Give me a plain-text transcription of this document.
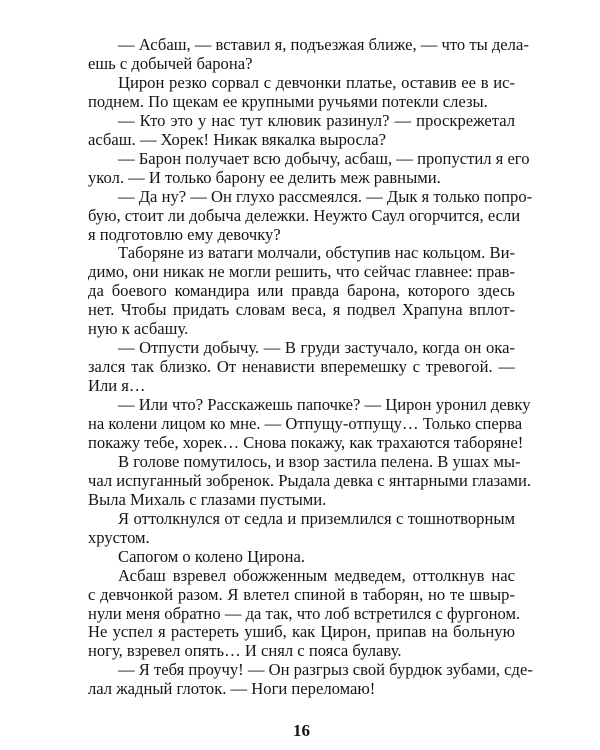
— Асбаш, — вставил я, подъезжая ближе, — что ты дела-
ешь с добычей барона?
Цирон резко сорвал с девчонки платье, оставив ее в ис-
поднем. По щекам ее крупными ручьями потекли слезы.
— Кто это у нас тут клювик разинул? — проскрежетал
асбаш. — Хорек! Никак вякалка выросла?
— Барон получает всю добычу, асбаш, — пропустил я его
укол. — И только барону ее делить меж равными.
— Да ну? — Он глухо рассмеялся. — Дык я только попро-
бую, стоит ли добыча дележки. Неужто Саул огорчится, если
я подготовлю ему девочку?
Таборяне из ватаги молчали, обступив нас кольцом. Ви-
димо, они никак не могли решить, что сейчас главнее: прав-
да боевого командира или правда барона, которого здесь
нет. Чтобы придать словам веса, я подвел Храпуна вплот-
ную к асбашу.
— Отпусти добычу. — В груди застучало, когда он ока-
зался так близко. От ненависти вперемешку с тревогой. —
Или я…
— Или что? Расскажешь папочке? — Цирон уронил девку
на колени лицом ко мне. — Отпущу-отпущу… Только сперва
покажу тебе, хорек… Снова покажу, как трахаются таборяне!
В голове помутилось, и взор застила пелена. В ушах мы-
чал испуганный зобренок. Рыдала девка с янтарными глазами.
Выла Михаль с глазами пустыми.
Я оттолкнулся от седла и приземлился с тошнотворным
хрустом.
Сапогом о колено Цирона.
Асбаш взревел обожженным медведем, оттолкнув нас
с девчонкой разом. Я влетел спиной в таборян, но те швыр-
нули меня обратно — да так, что лоб встретился с фургоном.
Не успел я растереть ушиб, как Цирон, припав на больную
ногу, взревел опять… И снял с пояса булаву.
— Я тебя проучу! — Он разгрыз свой бурдюк зубами, сде-
лал жадный глоток. — Ноги переломаю!
16
